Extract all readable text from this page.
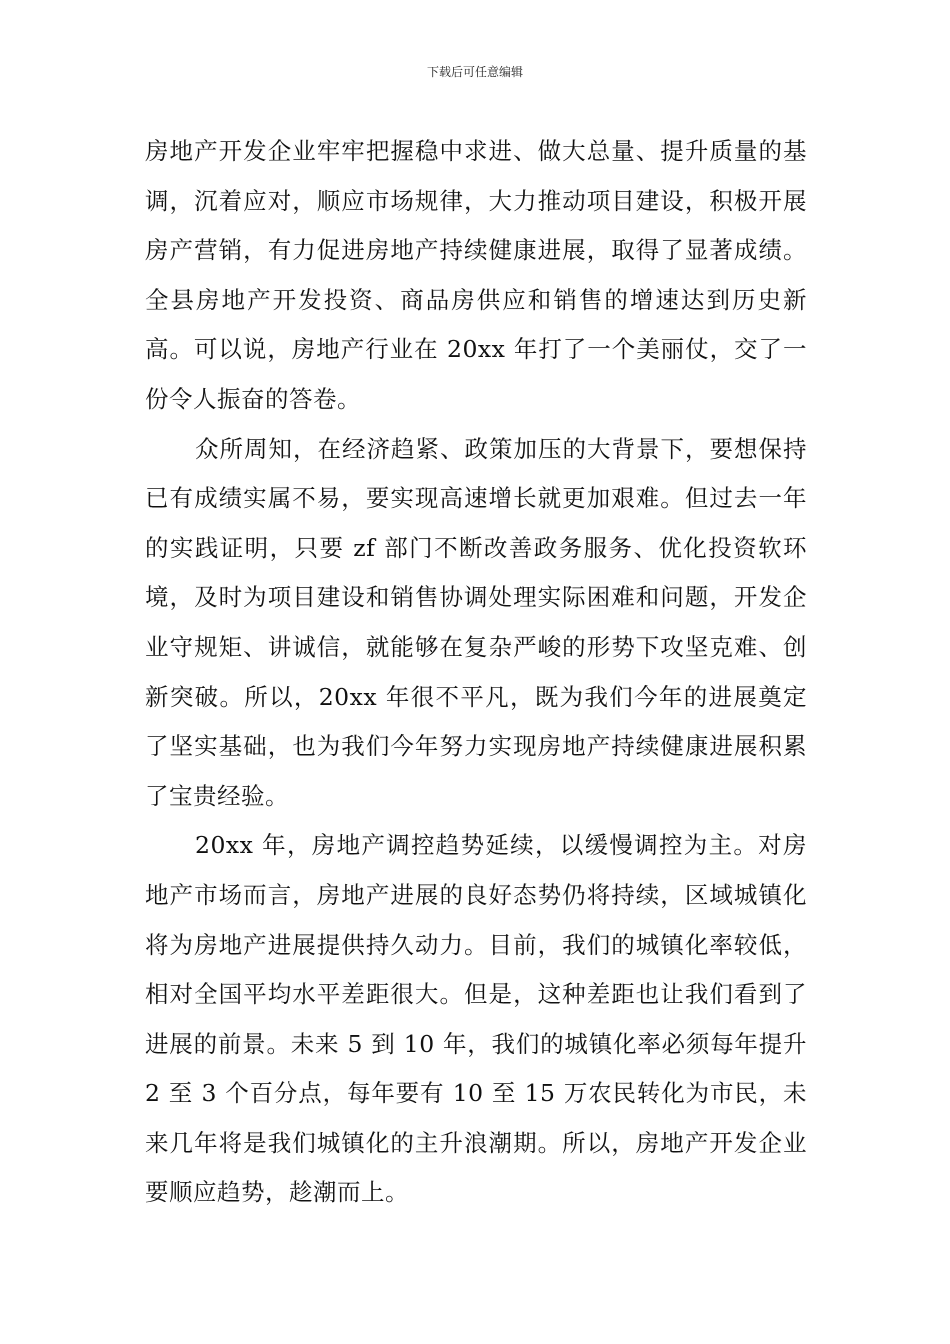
下载后可任意编辑

房地产开发企业牢牢把握稳中求进、做大总量、提升质量的基调，沉着应对，顺应市场规律，大力推动项目建设，积极开展房产营销，有力促进房地产持续健康进展，取得了显著成绩。全县房地产开发投资、商品房供应和销售的增速达到历史新高。可以说，房地产行业在 20xx 年打了一个美丽仗，交了一份令人振奋的答卷。

众所周知，在经济趋紧、政策加压的大背景下，要想保持已有成绩实属不易，要实现高速增长就更加艰难。但过去一年的实践证明，只要 zf 部门不断改善政务服务、优化投资软环境，及时为项目建设和销售协调处理实际困难和问题，开发企业守规矩、讲诚信，就能够在复杂严峻的形势下攻坚克难、创新突破。所以，20xx 年很不平凡，既为我们今年的进展奠定了坚实基础，也为我们今年努力实现房地产持续健康进展积累了宝贵经验。

20xx 年，房地产调控趋势延续，以缓慢调控为主。对房地产市场而言，房地产进展的良好态势仍将持续，区域城镇化将为房地产进展提供持久动力。目前，我们的城镇化率较低，相对全国平均水平差距很大。但是，这种差距也让我们看到了进展的前景。未来 5 到 10 年，我们的城镇化率必须每年提升 2 至 3 个百分点，每年要有 10 至 15 万农民转化为市民，未来几年将是我们城镇化的主升浪潮期。所以，房地产开发企业要顺应趋势，趁潮而上。
